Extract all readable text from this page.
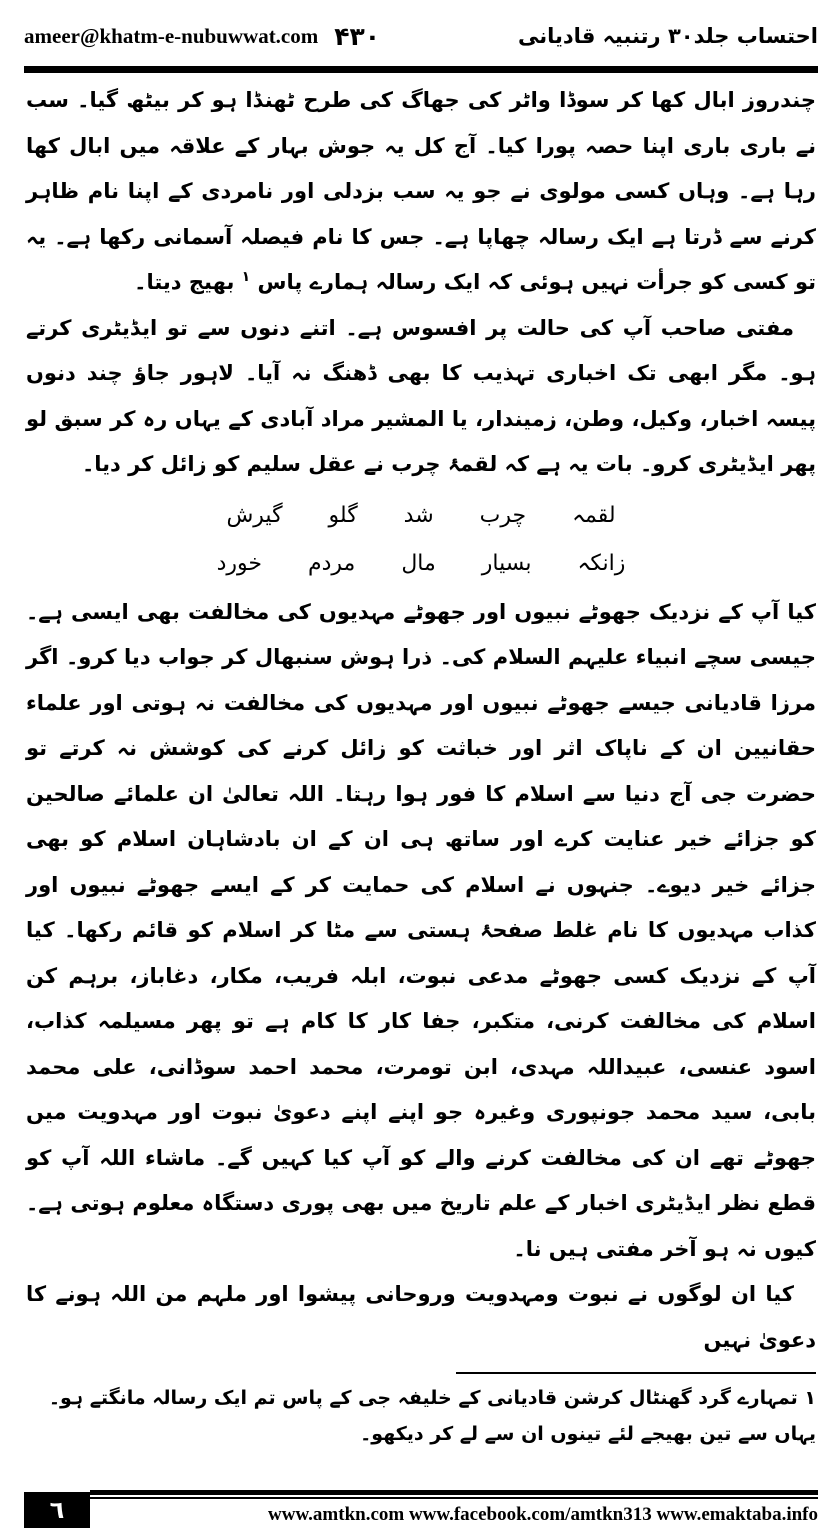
ameer@khatm-e-nubuwwat.com ۴۳۰	احتساب جلد۳۰ رتنبیہ قادیانی

چندروز ابال کھا کر سوڈا واٹر کی جھاگ کی طرح ٹھنڈا ہو کر بیٹھ گیا۔ سب نے باری باری اپنا حصہ پورا کیا۔ آج کل یہ جوش بہار کے علاقہ میں ابال کھا رہا ہے۔ وہاں کسی مولوی نے جو یہ سب بزدلی اور نامردی کے اپنا نام ظاہر کرنے سے ڈرتا ہے ایک رسالہ چھاپا ہے۔ جس کا نام فیصلہ آسمانی رکھا ہے۔ یہ تو کسی کو جرأت نہیں ہوئی کہ ایک رسالہ ہمارے پاس $^۱$ بھیج دیتا۔

مفتی صاحب آپ کی حالت پر افسوس ہے۔ اتنے دنوں سے تو ایڈیٹری کرتے ہو۔ مگر ابھی تک اخباری تہذیب کا بھی ڈھنگ نہ آیا۔ لاہور جاؤ چند دنوں پیسہ اخبار، وکیل، وطن، زمیندار، یا المشیر مراد آبادی کے یہاں رہ کر سبق لو پھر ایڈیٹری کرو۔ بات یہ ہے کہ لقمۂ چرب نے عقل سلیم کو زائل کر دیا۔

لقمہ
چرب
شد
گلو
گیرش
زانکہ
بسیار
مال
مردم
خورد

کیا آپ کے نزدیک جھوٹے نبیوں اور جھوٹے مہدیوں کی مخالفت بھی ایسی ہے۔ جیسی سچے انبیاء علیہم السلام کی۔ ذرا ہوش سنبھال کر جواب دیا کرو۔ اگر مرزا قادیانی جیسے جھوٹے نبیوں اور مہدیوں کی مخالفت نہ ہوتی اور علماء حقانیین ان کے ناپاک اثر اور خباثت کو زائل کرنے کی کوشش نہ کرتے تو حضرت جی آج دنیا سے اسلام کا فور ہوا رہتا۔ اللہ تعالیٰ ان علمائے صالحین کو جزائے خیر عنایت کرے اور ساتھ ہی ان کے ان بادشاہان اسلام کو بھی جزائے خیر دیوے۔ جنہوں نے اسلام کی حمایت کر کے ایسے جھوٹے نبیوں اور کذاب مہدیوں کا نام غلط صفحۂ ہستی سے مٹا کر اسلام کو قائم رکھا۔ کیا آپ کے نزدیک کسی جھوٹے مدعی نبوت، ابلہ فریب، مکار، دغاباز، برہم کن اسلام کی مخالفت کرنی، متکبر، جفا کار کا کام ہے تو پھر مسیلمہ کذاب، اسود عنسی، عبیداللہ مہدی، ابن تومرت، محمد احمد سوڈانی، علی محمد بابی، سید محمد جونپوری وغیرہ جو اپنے اپنے دعویٰ نبوت اور مہدویت میں جھوٹے تھے ان کی مخالفت کرنے والے کو آپ کیا کہیں گے۔ ماشاء اللہ آپ کو قطع نظر ایڈیٹری اخبار کے علم تاریخ میں بھی پوری دستگاہ معلوم ہوتی ہے۔ کیوں نہ ہو آخر مفتی ہیں نا۔

کیا ان لوگوں نے نبوت ومہدویت وروحانی پیشوا اور ملہم من اللہ ہونے کا دعویٰ نہیں

۱ تمہارے گرد گھنٹال کرشن قادیانی کے خلیفہ جی کے پاس تم ایک رسالہ مانگتے ہو۔

یہاں سے تین بھیجے لئے تینوں ان سے لے کر دیکھو۔

٦	www.amtkn.com www.facebook.com/amtkn313 www.emaktaba.info
